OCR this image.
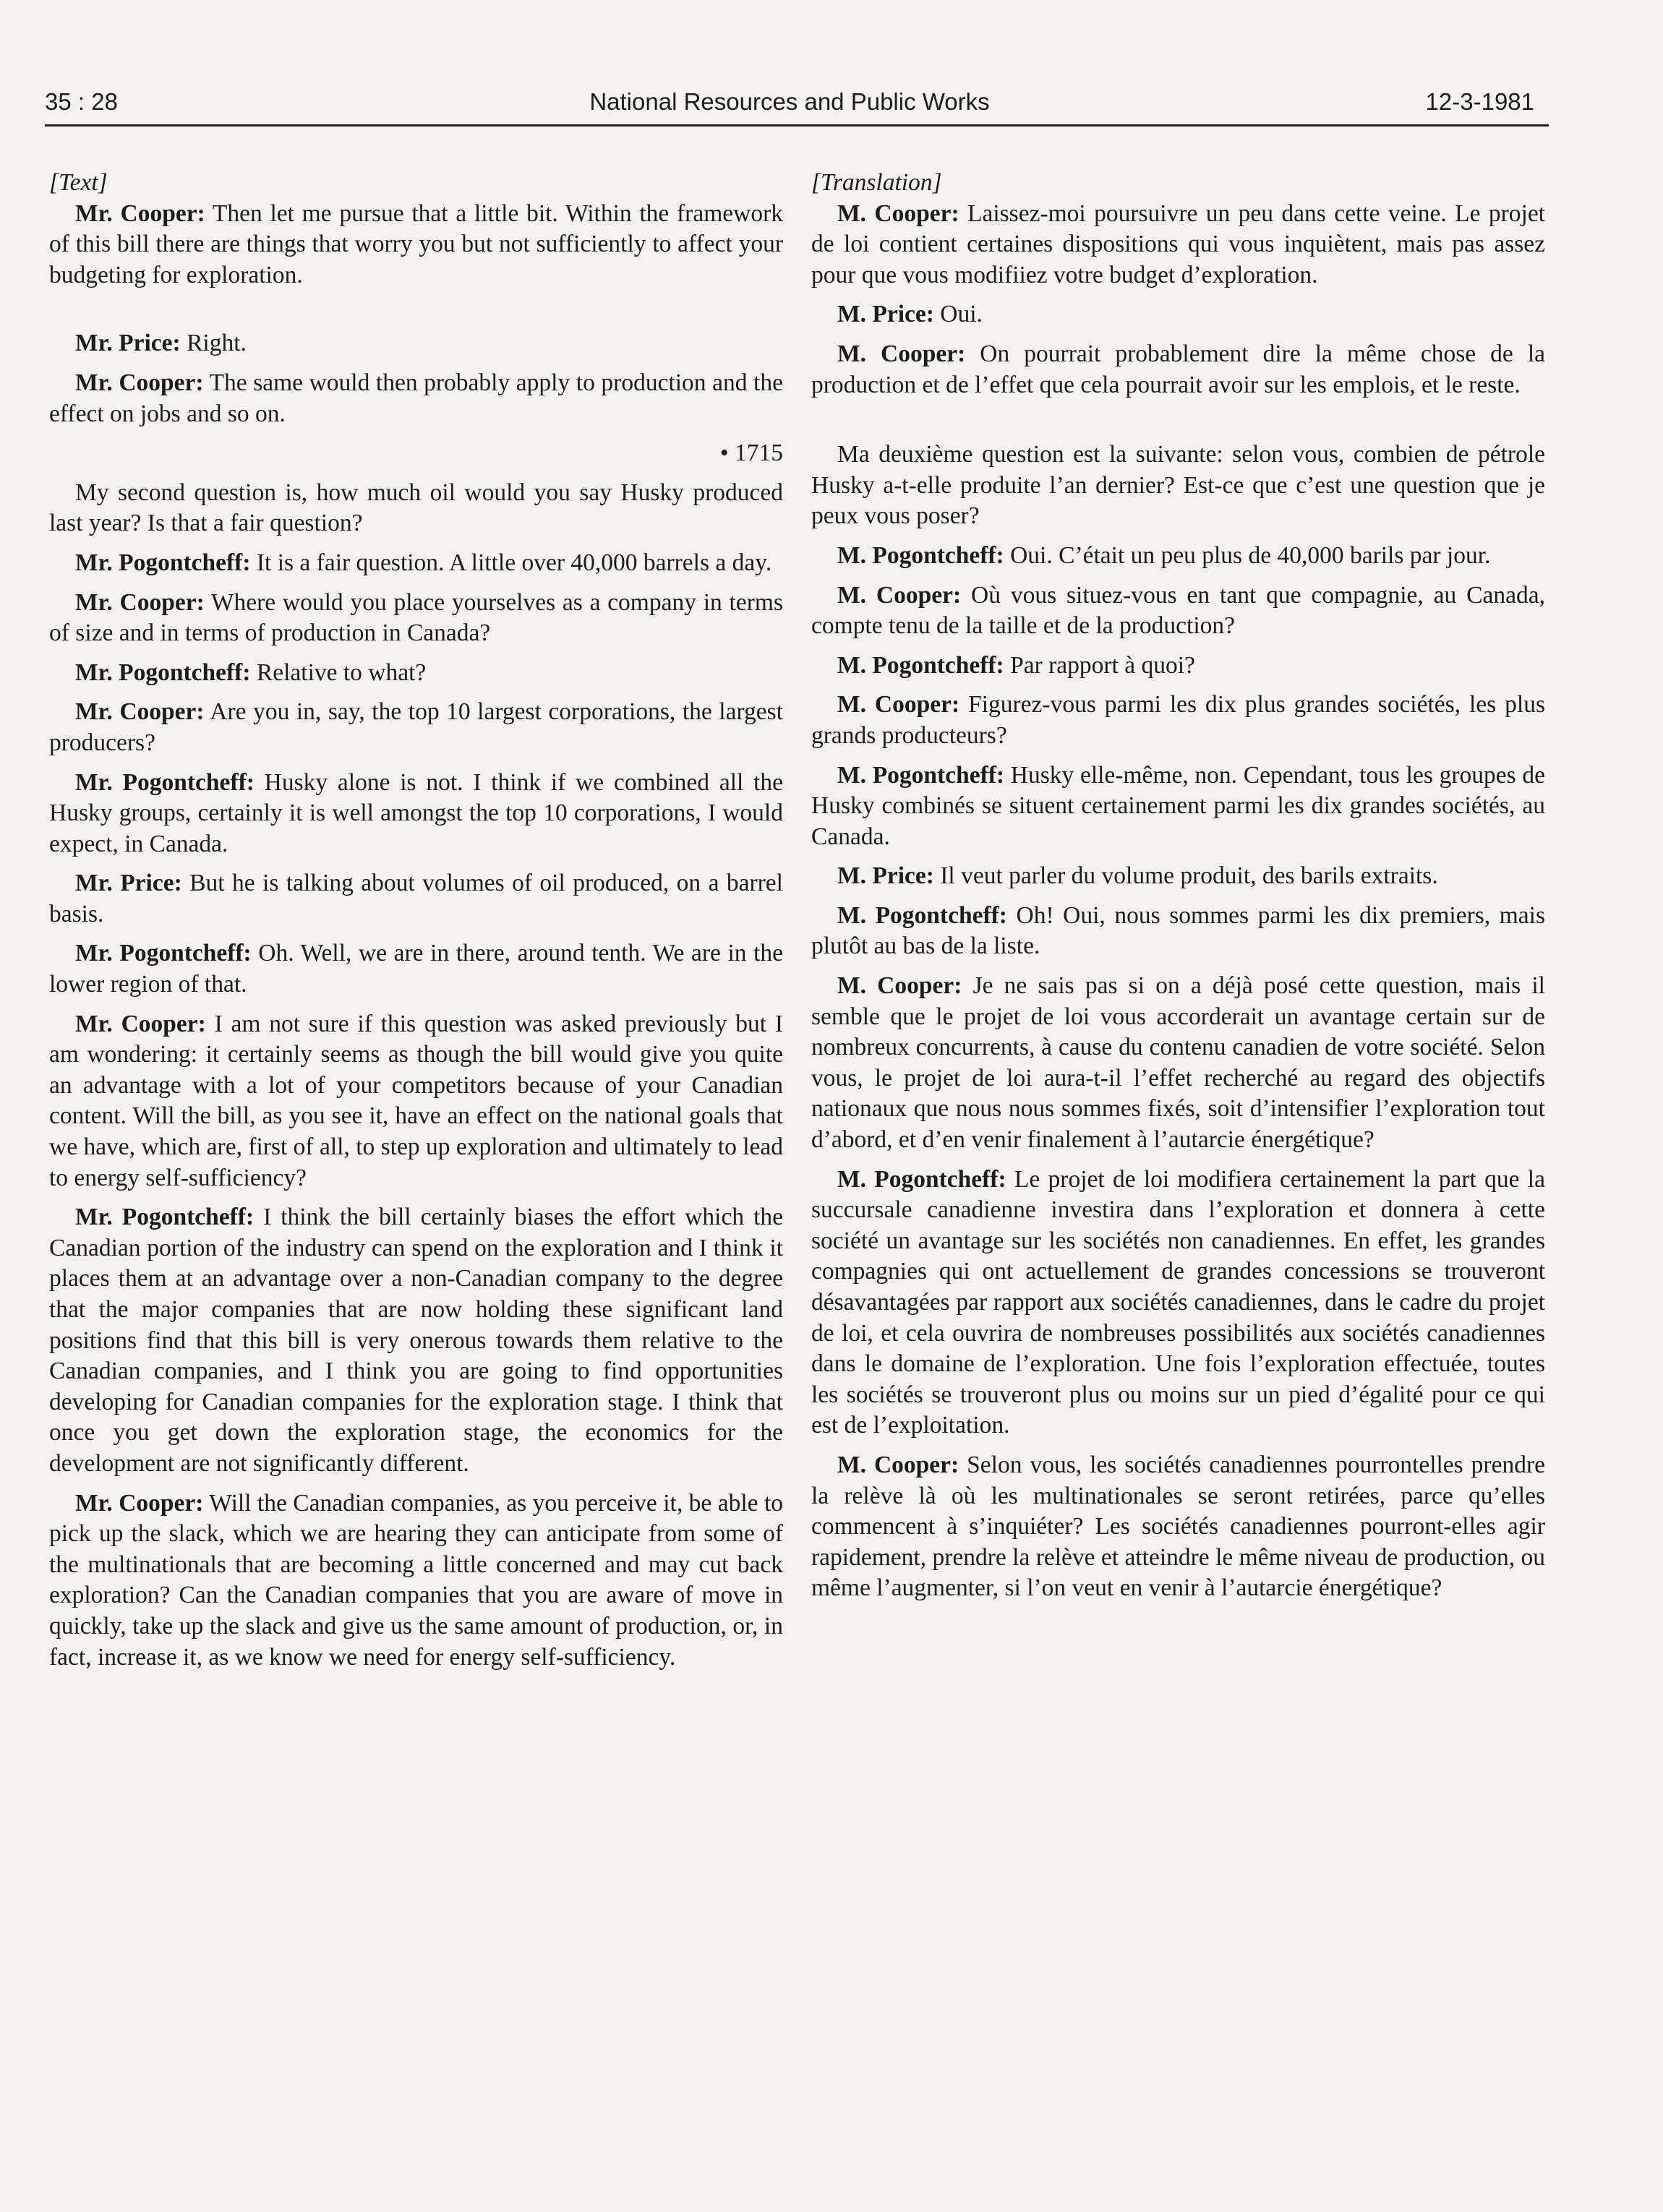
35 : 28	National Resources and Public Works	12-3-1981

[Text]

Mr. Cooper: Then let me pursue that a little bit. Within the framework of this bill there are things that worry you but not sufficiently to affect your budgeting for exploration.

Mr. Price: Right.

Mr. Cooper: The same would then probably apply to production and the effect on jobs and so on.

• 1715

My second question is, how much oil would you say Husky produced last year? Is that a fair question?

Mr. Pogontcheff: It is a fair question. A little over 40,000 barrels a day.

Mr. Cooper: Where would you place yourselves as a company in terms of size and in terms of production in Canada?

Mr. Pogontcheff: Relative to what?

Mr. Cooper: Are you in, say, the top 10 largest corporations, the largest producers?

Mr. Pogontcheff: Husky alone is not. I think if we combined all the Husky groups, certainly it is well amongst the top 10 corporations, I would expect, in Canada.

Mr. Price: But he is talking about volumes of oil produced, on a barrel basis.

Mr. Pogontcheff: Oh. Well, we are in there, around tenth. We are in the lower region of that.

Mr. Cooper: I am not sure if this question was asked previously but I am wondering: it certainly seems as though the bill would give you quite an advantage with a lot of your competitors because of your Canadian content. Will the bill, as you see it, have an effect on the national goals that we have, which are, first of all, to step up exploration and ultimately to lead to energy self-sufficiency?

Mr. Pogontcheff: I think the bill certainly biases the effort which the Canadian portion of the industry can spend on the exploration and I think it places them at an advantage over a non-Canadian company to the degree that the major companies that are now holding these significant land positions find that this bill is very onerous towards them relative to the Canadian companies, and I think you are going to find opportunities developing for Canadian companies for the exploration stage. I think that once you get down the exploration stage, the economics for the development are not significantly different.

Mr. Cooper: Will the Canadian companies, as you perceive it, be able to pick up the slack, which we are hearing they can anticipate from some of the multinationals that are becoming a little concerned and may cut back exploration? Can the Canadian companies that you are aware of move in quickly, take up the slack and give us the same amount of production, or, in fact, increase it, as we know we need for energy self-sufficiency.

[Translation]

M. Cooper: Laissez-moi poursuivre un peu dans cette veine. Le projet de loi contient certaines dispositions qui vous inquiètent, mais pas assez pour que vous modifiiez votre budget d’exploration.

M. Price: Oui.

M. Cooper: On pourrait probablement dire la même chose de la production et de l’effet que cela pourrait avoir sur les emplois, et le reste.

Ma deuxième question est la suivante: selon vous, combien de pétrole Husky a-t-elle produite l’an dernier? Est-ce que c’est une question que je peux vous poser?

M. Pogontcheff: Oui. C’était un peu plus de 40,000 barils par jour.

M. Cooper: Où vous situez-vous en tant que compagnie, au Canada, compte tenu de la taille et de la production?

M. Pogontcheff: Par rapport à quoi?

M. Cooper: Figurez-vous parmi les dix plus grandes sociétés, les plus grands producteurs?

M. Pogontcheff: Husky elle-même, non. Cependant, tous les groupes de Husky combinés se situent certainement parmi les dix grandes sociétés, au Canada.

M. Price: Il veut parler du volume produit, des barils extraits.

M. Pogontcheff: Oh! Oui, nous sommes parmi les dix premiers, mais plutôt au bas de la liste.

M. Cooper: Je ne sais pas si on a déjà posé cette question, mais il semble que le projet de loi vous accorderait un avantage certain sur de nombreux concurrents, à cause du contenu canadien de votre société. Selon vous, le projet de loi aura-t-il l’effet recherché au regard des objectifs nationaux que nous nous sommes fixés, soit d’intensifier l’exploration tout d’abord, et d’en venir finalement à l’autarcie énergétique?

M. Pogontcheff: Le projet de loi modifiera certainement la part que la succursale canadienne investira dans l’exploration et donnera à cette société un avantage sur les sociétés non canadiennes. En effet, les grandes compagnies qui ont actuellement de grandes concessions se trouveront désavantagées par rapport aux sociétés canadiennes, dans le cadre du projet de loi, et cela ouvrira de nombreuses possibilités aux sociétés canadiennes dans le domaine de l’exploration. Une fois l’exploration effectuée, toutes les sociétés se trouveront plus ou moins sur un pied d’égalité pour ce qui est de l’exploitation.

M. Cooper: Selon vous, les sociétés canadiennes pourrontelles prendre la relève là où les multinationales se seront retirées, parce qu’elles commencent à s’inquiéter? Les sociétés canadiennes pourront-elles agir rapidement, prendre la relève et atteindre le même niveau de production, ou même l’augmenter, si l’on veut en venir à l’autarcie énergétique?
